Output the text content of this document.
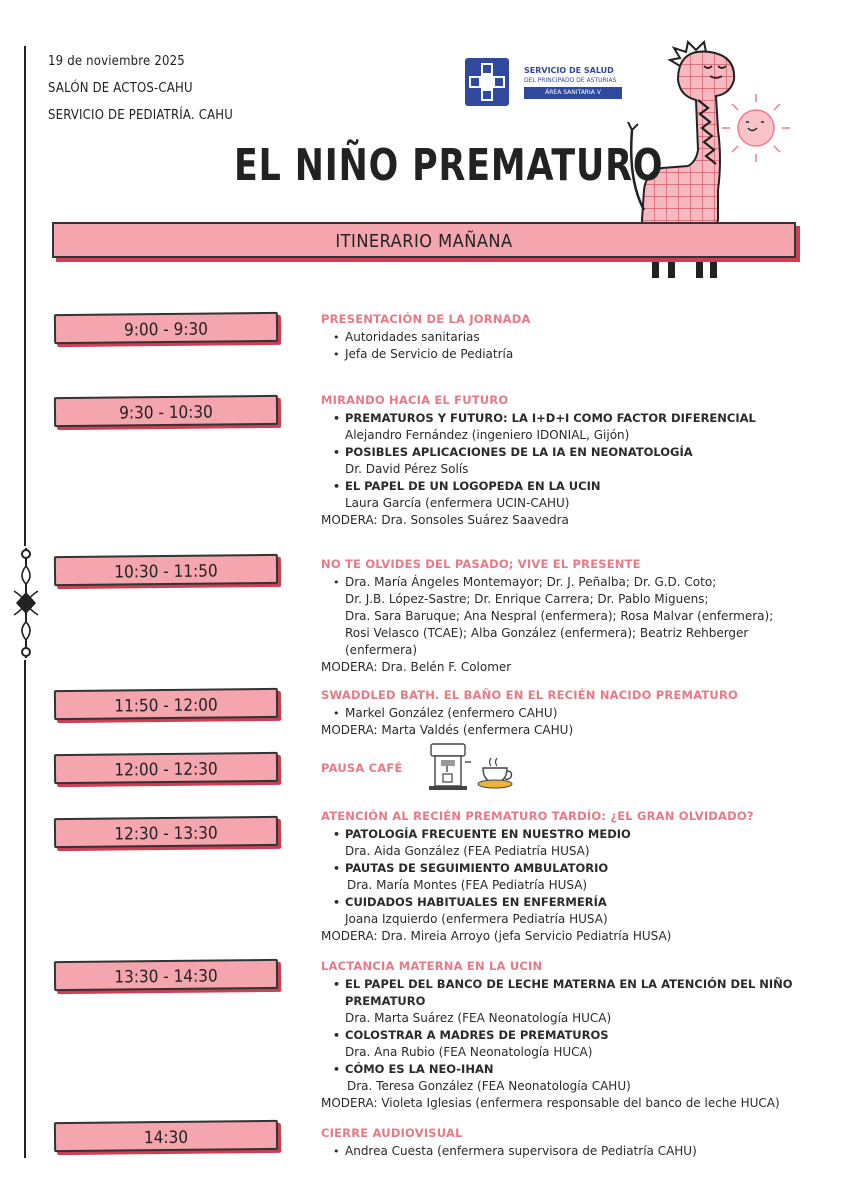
19 de noviembre 2025
SALÓN DE ACTOS-CAHU
SERVICIO DE PEDIATRÍA. CAHU
SERVICIO DE SALUD
DEL PRINCIPADO DE ASTURIAS
ÁREA SANITARIA V
EL NIÑO PREMATURO
ITINERARIO MAÑANA
9:00 - 9:30
PRESENTACIÓN DE LA JORNADA
• Autoridades sanitarias
• Jefa de Servicio de Pediatría
9:30 - 10:30
MIRANDO HACIA EL FUTURO
• PREMATUROS Y FUTURO: LA I+D+I COMO FACTOR DIFERENCIAL
Alejandro Fernández (ingeniero IDONIAL, Gijón)
• POSIBLES APLICACIONES DE LA IA EN NEONATOLOGÍA
Dr. David Pérez Solís
• EL PAPEL DE UN LOGOPEDA EN LA UCIN
Laura García (enfermera UCIN-CAHU)
MODERA: Dra. Sonsoles Suárez Saavedra
10:30 - 11:50	NO TE OLVIDES DEL PASADO; VIVE EL PRESENTE
• Dra. María Ángeles Montemayor; Dr. J. Peñalba; Dr. G.D. Coto;
Dr. J.B. López-Sastre; Dr. Enrique Carrera; Dr. Pablo Miguens;
Dra. Sara Baruque; Ana Nespral (enfermera); Rosa Malvar (enfermera);
Rosi Velasco (TCAE); Alba González (enfermera); Beatriz Rehberger
(enfermera)
MODERA: Dra. Belén F. Colomer
11:50 - 12:00
SWADDLED BATH. EL BAÑO EN EL RECIÉN NACIDO PREMATURO
• Markel González (enfermero CAHU)
MODERA: Marta Valdés (enfermera CAHU)
12:00 - 12:30	PAUSA CAFÉ
12:30 - 13:30
ATENCIÓN AL RECIÉN PREMATURO TARDÍO: ¿EL GRAN OLVIDADO?
• PATOLOGÍA FRECUENTE EN NUESTRO MEDIO
Dra. Aida González (FEA Pediatría HUSA)
• PAUTAS DE SEGUIMIENTO AMBULATORIO
Dra. María Montes (FEA Pediatría HUSA)
• CUIDADOS HABITUALES EN ENFERMERÍA
Joana Izquierdo (enfermera Pediatría HUSA)
MODERA: Dra. Mireia Arroyo (jefa Servicio Pediatría HUSA)
13:30 - 14:30
LACTANCIA MATERNA EN LA UCIN
• EL PAPEL DEL BANCO DE LECHE MATERNA EN LA ATENCIÓN DEL NIÑO
PREMATURO
Dra. Marta Suárez (FEA Neonatología HUCA)
• COLOSTRAR A MADRES DE PREMATUROS
Dra. Ana Rubio (FEA Neonatología HUCA)
• CÓMO ES LA NEO-IHAN
Dra. Teresa González (FEA Neonatología CAHU)
MODERA: Violeta Iglesias (enfermera responsable del banco de leche HUCA)
14:30	CIERRE AUDIOVISUAL
• Andrea Cuesta (enfermera supervisora de Pediatría CAHU)
